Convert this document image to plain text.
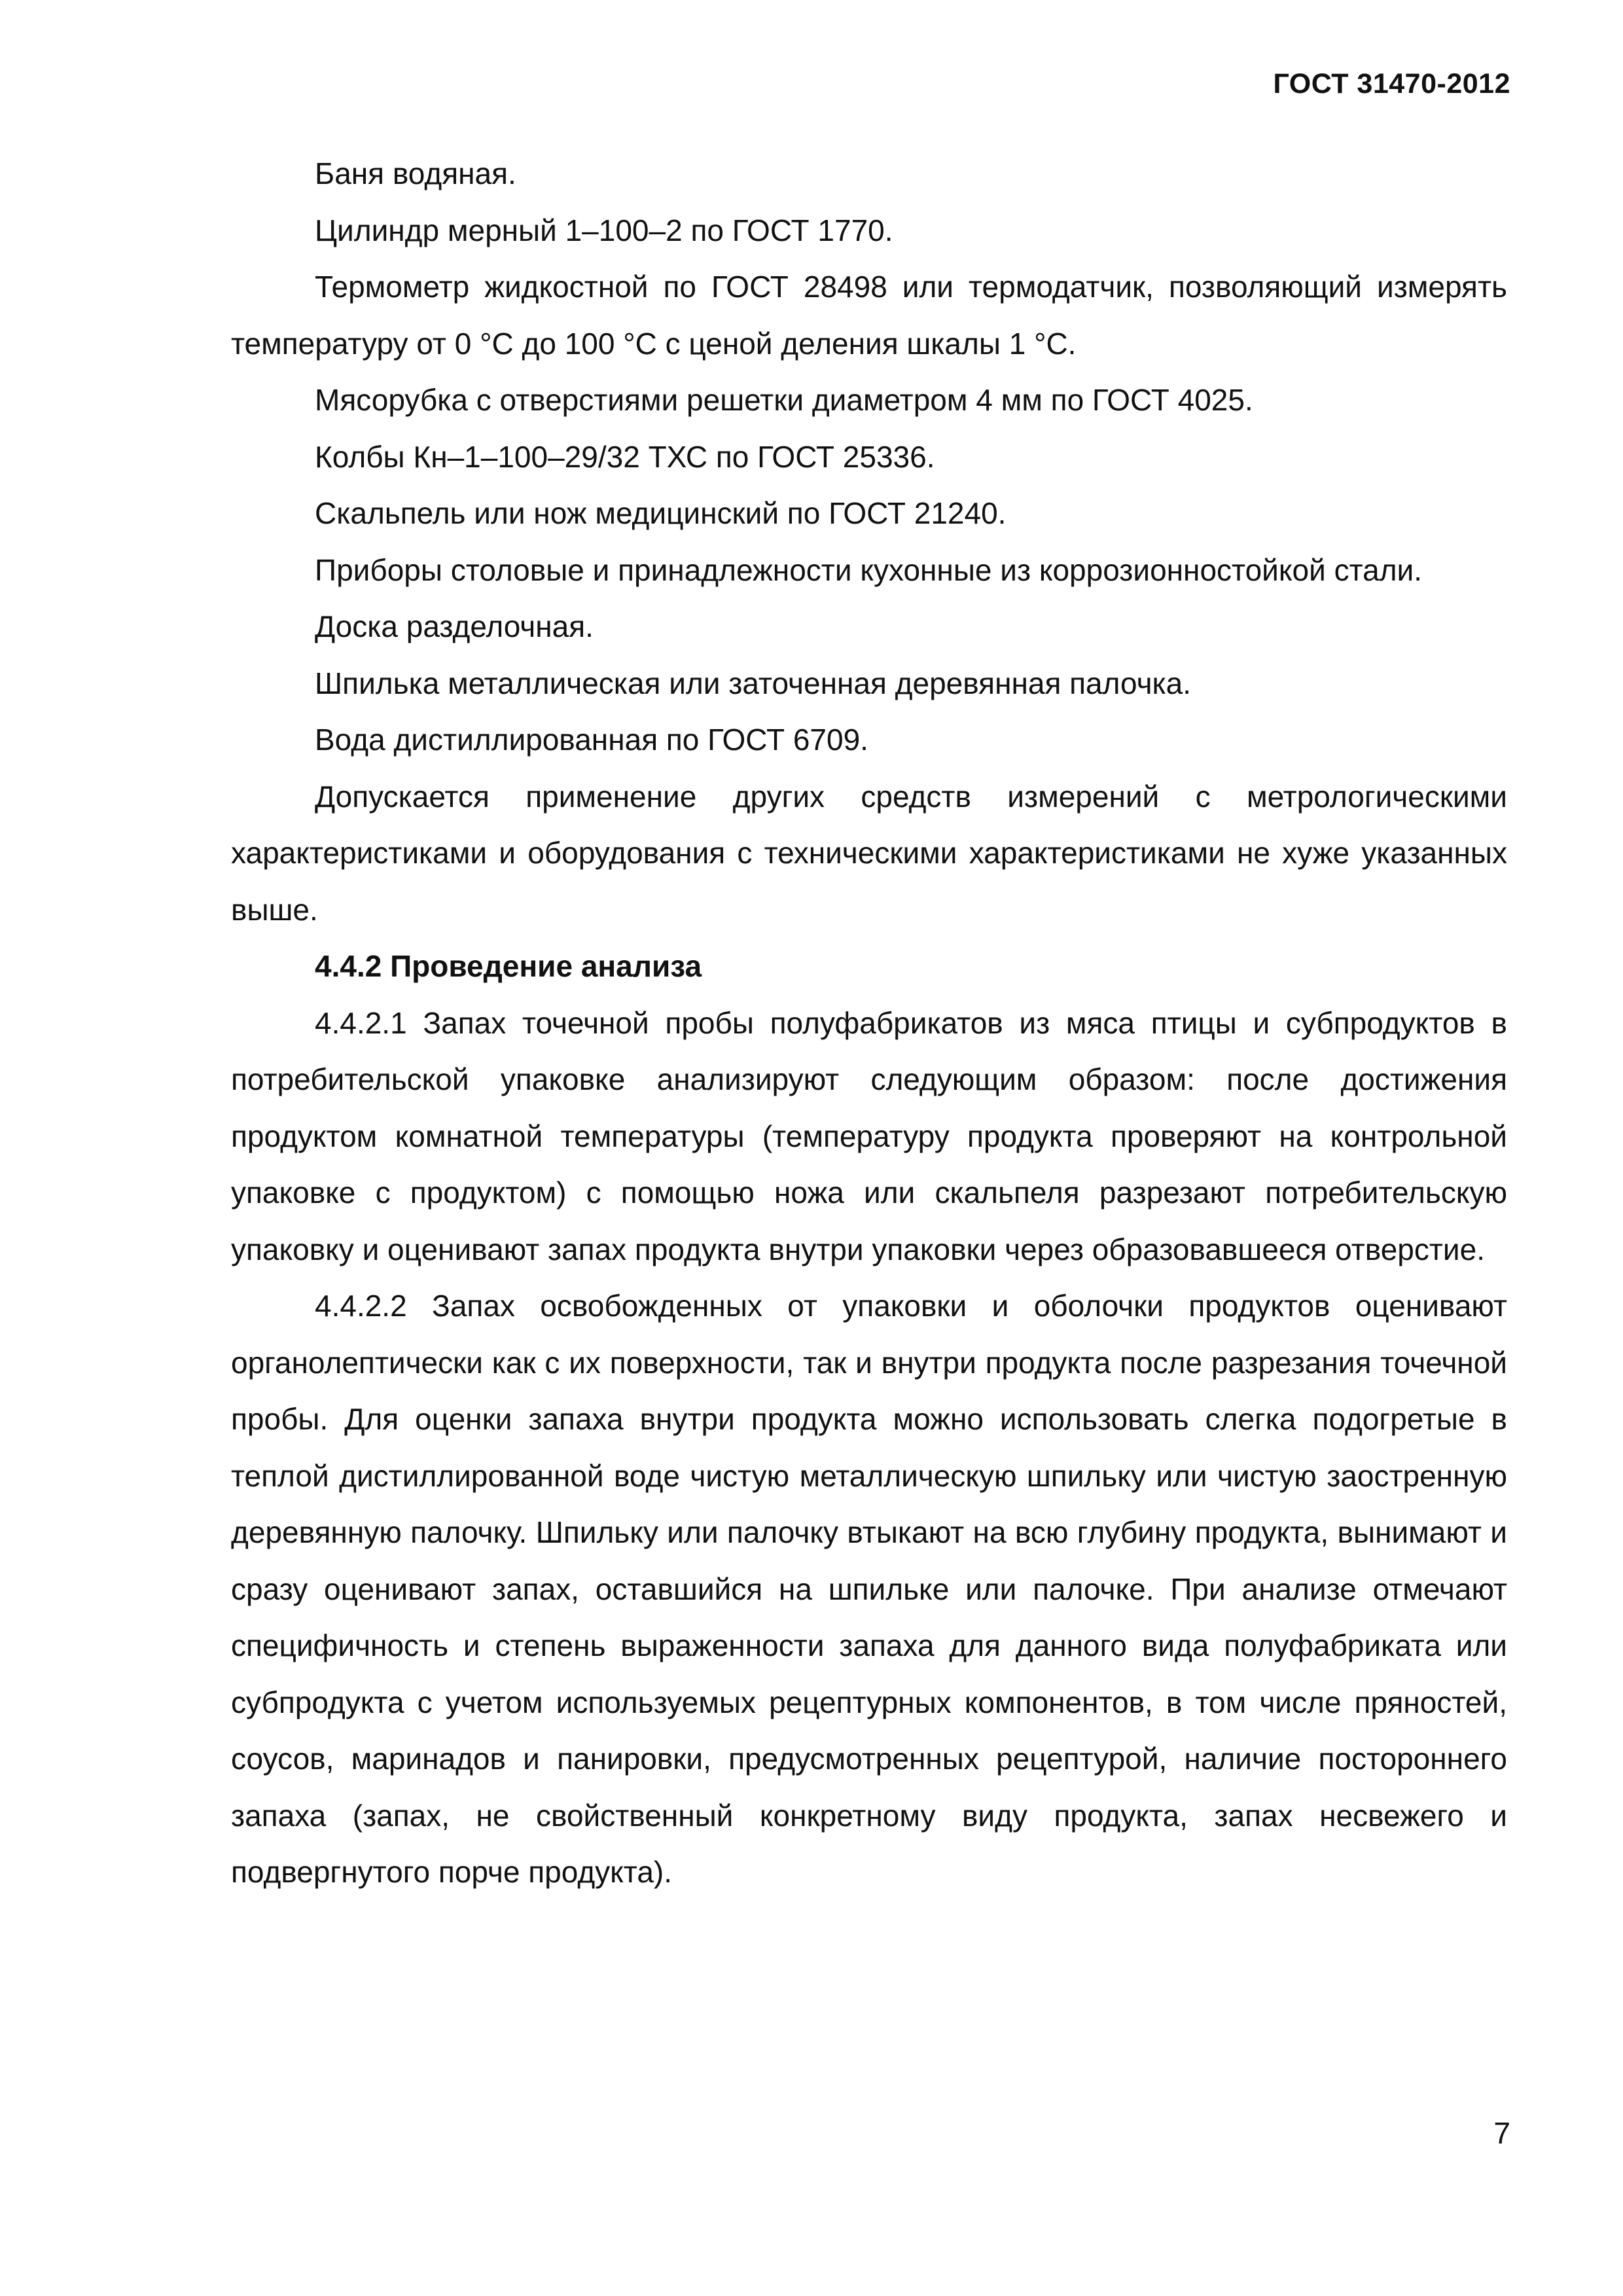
ГОСТ 31470-2012

Баня водяная.

Цилиндр мерный 1–100–2 по ГОСТ 1770.

Термометр жидкостной по ГОСТ 28498 или термодатчик, позволяющий измерять температуру от 0 °С до 100 °С с ценой деления шкалы 1 °С.

Мясорубка с отверстиями решетки диаметром 4 мм по ГОСТ 4025.

Колбы Кн–1–100–29/32 ТХС по ГОСТ 25336.

Скальпель или нож медицинский по ГОСТ 21240.

Приборы столовые и принадлежности кухонные из коррозионностойкой стали.

Доска разделочная.

Шпилька металлическая или заточенная деревянная палочка.

Вода дистиллированная по ГОСТ 6709.

Допускается применение других средств измерений с метрологическими характеристиками и оборудования с техническими характеристиками не хуже указанных выше.

4.4.2 Проведение анализа

4.4.2.1 Запах точечной пробы полуфабрикатов из мяса птицы и субпродуктов в потребительской упаковке анализируют следующим образом: после достижения продуктом комнатной температуры (температуру продукта проверяют на контрольной упаковке с продуктом) с помощью ножа или скальпеля разрезают потребительскую упаковку и оценивают запах продукта внутри упаковки через образовавшееся отверстие.

4.4.2.2 Запах освобожденных от упаковки и оболочки продуктов оценивают органолептически как с их поверхности, так и внутри продукта после разрезания точечной пробы. Для оценки запаха внутри продукта можно использовать слегка подогретые в теплой дистиллированной воде чистую металлическую шпильку или чистую заостренную деревянную палочку. Шпильку или палочку втыкают на всю глубину продукта, вынимают и сразу оценивают запах, оставшийся на шпильке или палочке. При анализе отмечают специфичность и степень выраженности запаха для данного вида полуфабриката или субпродукта с учетом используемых рецептурных компонентов, в том числе пряностей, соусов, маринадов и панировки, предусмотренных рецептурой, наличие постороннего запаха (запах, не свойственный конкретному виду продукта, запах несвежего и подвергнутого порче продукта).

7
